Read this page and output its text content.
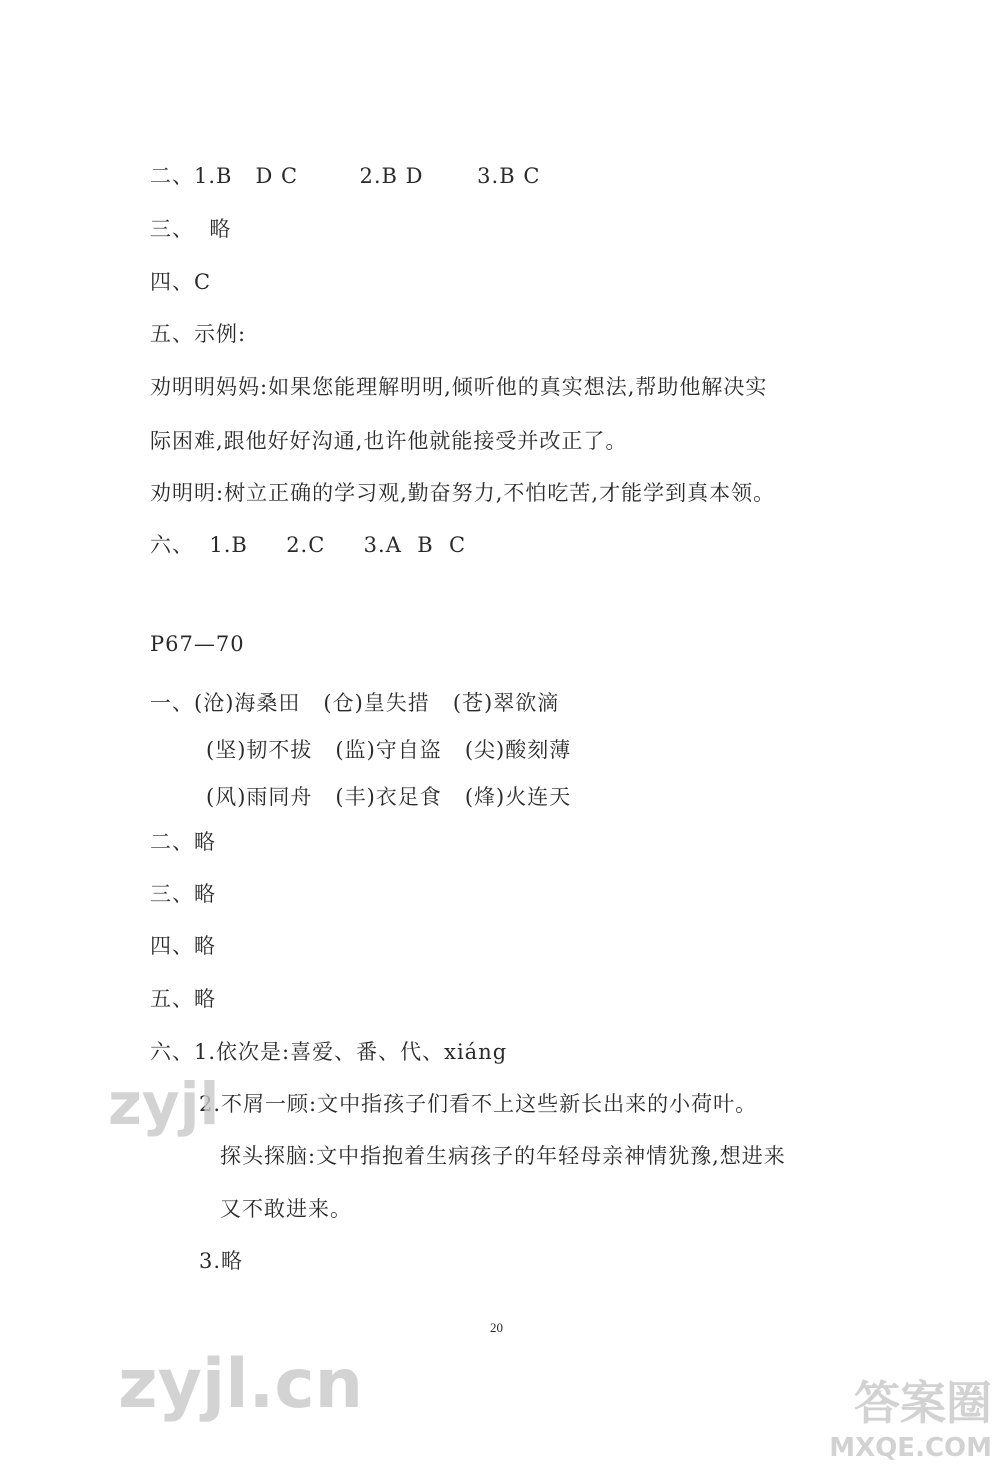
二、1.B   D C        2.B D       3.B C
三、  略
四、C
五、示例:
劝明明妈妈:如果您能理解明明,倾听他的真实想法,帮助他解决实
际困难,跟他好好沟通,也许他就能接受并改正了。
劝明明:树立正确的学习观,勤奋努力,不怕吃苦,才能学到真本领。
六、  1.B     2.C     3.A  B  C
P67—70
一、(沧)海桑田   (仓)皇失措   (苍)翠欲滴
(坚)韧不拔   (监)守自盗   (尖)酸刻薄
(风)雨同舟   (丰)衣足食   (烽)火连天
二、略
三、略
四、略
五、略
六、1.依次是:喜爱、番、代、xiáng
2.不屑一顾:文中指孩子们看不上这些新长出来的小荷叶。
探头探脑:文中指抱着生病孩子的年轻母亲神情犹豫,想进来
又不敢进来。
3.略
20
zyjl
zyjl.cn	答案圈
MXQE.COM
